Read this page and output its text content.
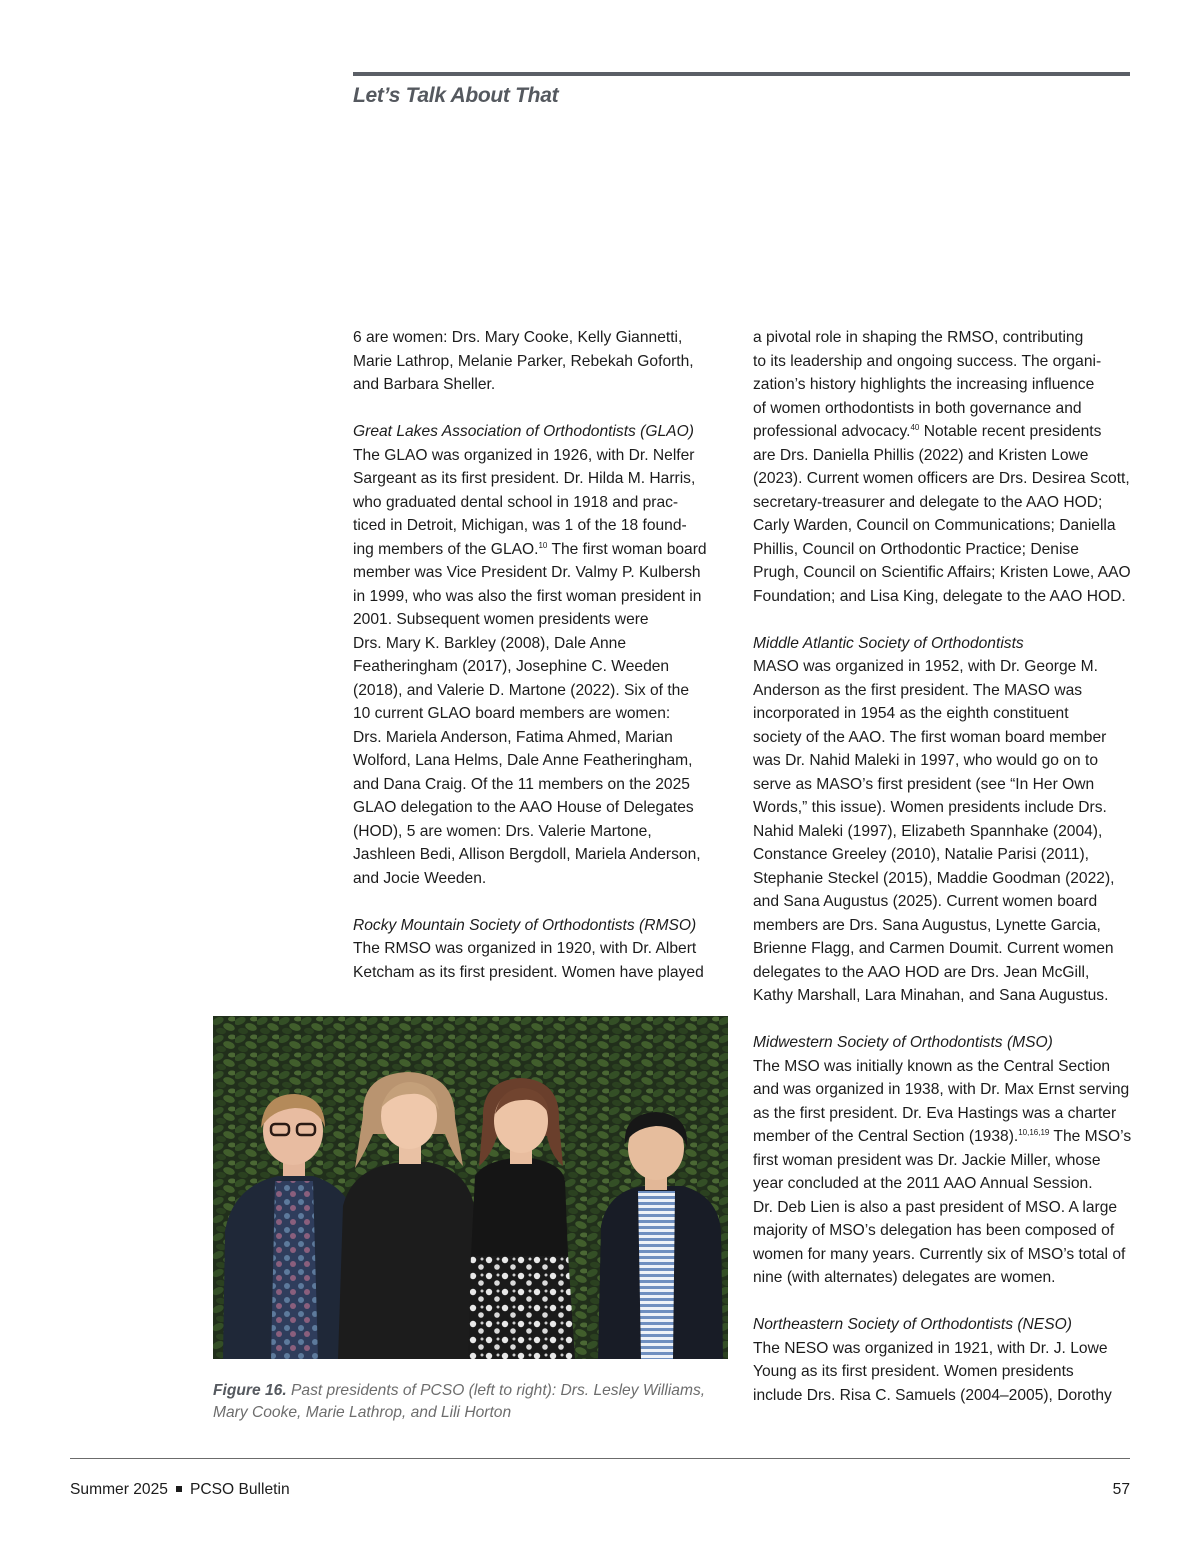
Let’s Talk About That

6 are women: Drs. Mary Cooke, Kelly Giannetti,
Marie Lathrop, Melanie Parker, Rebekah Goforth,
and Barbara Sheller.

Great Lakes Association of Orthodontists (GLAO)

The GLAO was organized in 1926, with Dr. Nelfer
Sargeant as its first president. Dr. Hilda M. Harris,
who graduated dental school in 1918 and prac-
ticed in Detroit, Michigan, was 1 of the 18 found-
ing members of the GLAO.$^{10}$ The first woman board
member was Vice President Dr. Valmy P. Kulbersh
in 1999, who was also the first woman president in
2001. Subsequent women presidents were
Drs. Mary K. Barkley (2008), Dale Anne
Featheringham (2017), Josephine C. Weeden
(2018), and Valerie D. Martone (2022). Six of the
10 current GLAO board members are women:
Drs. Mariela Anderson, Fatima Ahmed, Marian
Wolford, Lana Helms, Dale Anne Featheringham,
and Dana Craig. Of the 11 members on the 2025
GLAO delegation to the AAO House of Delegates
(HOD), 5 are women: Drs. Valerie Martone,
Jashleen Bedi, Allison Bergdoll, Mariela Anderson,
and Jocie Weeden.

Rocky Mountain Society of Orthodontists (RMSO)

The RMSO was organized in 1920, with Dr. Albert
Ketcham as its first president. Women have played

Figure 16. Past presidents of PCSO (left to right): Drs. Lesley Williams,
Mary Cooke, Marie Lathrop, and Lili Horton

a pivotal role in shaping the RMSO, contributing
to its leadership and ongoing success. The organi-
zation’s history highlights the increasing influence
of women orthodontists in both governance and
professional advocacy.$^{40}$ Notable recent presidents
are Drs. Daniella Phillis (2022) and Kristen Lowe
(2023). Current women officers are Drs. Desirea Scott,
secretary-treasurer and delegate to the AAO HOD;
Carly Warden, Council on Communications; Daniella
Phillis, Council on Orthodontic Practice; Denise
Prugh, Council on Scientific Affairs; Kristen Lowe, AAO
Foundation; and Lisa King, delegate to the AAO HOD.

Middle Atlantic Society of Orthodontists

MASO was organized in 1952, with Dr. George M.
Anderson as the first president. The MASO was
incorporated in 1954 as the eighth constituent
society of the AAO. The first woman board member
was Dr. Nahid Maleki in 1997, who would go on to
serve as MASO’s first president (see “In Her Own
Words,” this issue). Women presidents include Drs.
Nahid Maleki (1997), Elizabeth Spannhake (2004),
Constance Greeley (2010), Natalie Parisi (2011),
Stephanie Steckel (2015), Maddie Goodman (2022),
and Sana Augustus (2025). Current women board
members are Drs. Sana Augustus, Lynette Garcia,
Brienne Flagg, and Carmen Doumit. Current women
delegates to the AAO HOD are Drs. Jean McGill,
Kathy Marshall, Lara Minahan, and Sana Augustus.

Midwestern Society of Orthodontists (MSO)

The MSO was initially known as the Central Section
and was organized in 1938, with Dr. Max Ernst serving
as the first president. Dr. Eva Hastings was a charter
member of the Central Section (1938).$^{10,16,19}$ The MSO’s
first woman president was Dr. Jackie Miller, whose
year concluded at the 2011 AAO Annual Session.
Dr. Deb Lien is also a past president of MSO. A large
majority of MSO’s delegation has been composed of
women for many years. Currently six of MSO’s total of
nine (with alternates) delegates are women.

Northeastern Society of Orthodontists (NESO)

The NESO was organized in 1921, with Dr. J. Lowe
Young as its first president. Women presidents
include Drs. Risa C. Samuels (2004–2005), Dorothy

Summer 2025 PCSO Bulletin	57
